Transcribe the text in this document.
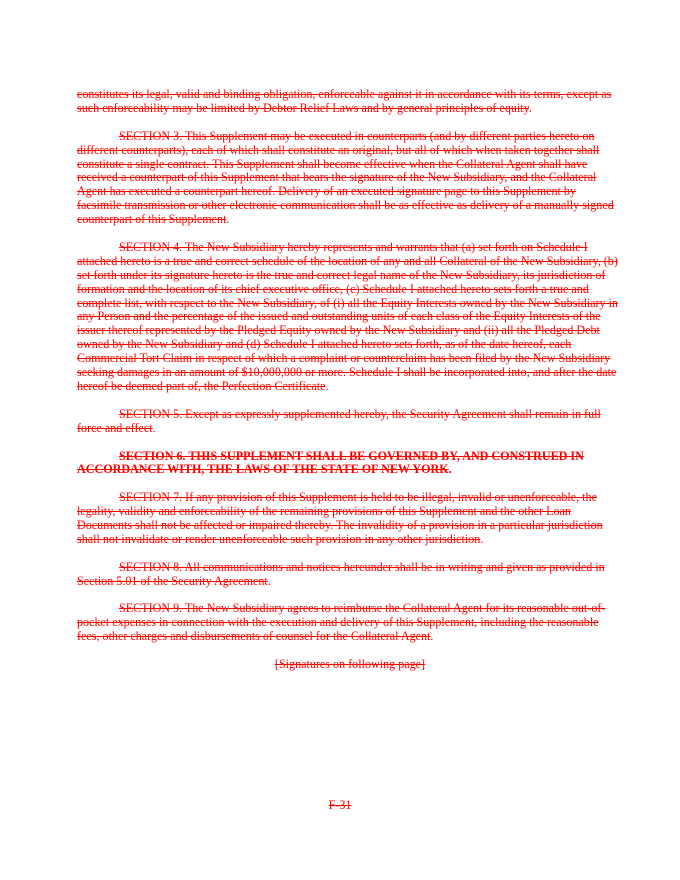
constitutes its legal, valid and binding obligation, enforceable against it in accordance with its terms, except as such enforceability may be limited by Debtor Relief Laws and by general principles of equity.

SECTION 3. This Supplement may be executed in counterparts (and by different parties hereto on different counterparts), each of which shall constitute an original, but all of which when taken together shall constitute a single contract. This Supplement shall become effective when the Collateral Agent shall have received a counterpart of this Supplement that bears the signature of the New Subsidiary, and the Collateral Agent has executed a counterpart hereof. Delivery of an executed signature page to this Supplement by facsimile transmission or other electronic communication shall be as effective as delivery of a manually signed counterpart of this Supplement.

SECTION 4. The New Subsidiary hereby represents and warrants that (a) set forth on Schedule I attached hereto is a true and correct schedule of the location of any and all Collateral of the New Subsidiary, (b) set forth under its signature hereto is the true and correct legal name of the New Subsidiary, its jurisdiction of formation and the location of its chief executive office, (c) Schedule I attached hereto sets forth a true and complete list, with respect to the New Subsidiary, of (i) all the Equity Interests owned by the New Subsidiary in any Person and the percentage of the issued and outstanding units of each class of the Equity Interests of the issuer thereof represented by the Pledged Equity owned by the New Subsidiary and (ii) all the Pledged Debt owned by the New Subsidiary and (d) Schedule I attached hereto sets forth, as of the date hereof, each Commercial Tort Claim in respect of which a complaint or counterclaim has been filed by the New Subsidiary seeking damages in an amount of $10,000,000 or more. Schedule I shall be incorporated into, and after the date hereof be deemed part of, the Perfection Certificate.

SECTION 5. Except as expressly supplemented hereby, the Security Agreement shall remain in full force and effect.

SECTION 6. THIS SUPPLEMENT SHALL BE GOVERNED BY, AND CONSTRUED IN ACCORDANCE WITH, THE LAWS OF THE STATE OF NEW YORK.

SECTION 7. If any provision of this Supplement is held to be illegal, invalid or unenforceable, the legality, validity and enforceability of the remaining provisions of this Supplement and the other Loan Documents shall not be affected or impaired thereby. The invalidity of a provision in a particular jurisdiction shall not invalidate or render unenforceable such provision in any other jurisdiction.

SECTION 8. All communications and notices hereunder shall be in writing and given as provided in Section 5.01 of the Security Agreement.

SECTION 9. The New Subsidiary agrees to reimburse the Collateral Agent for its reasonable out-of-pocket expenses in connection with the execution and delivery of this Supplement, including the reasonable fees, other charges and disbursements of counsel for the Collateral Agent.

[Signatures on following page]

F-31
